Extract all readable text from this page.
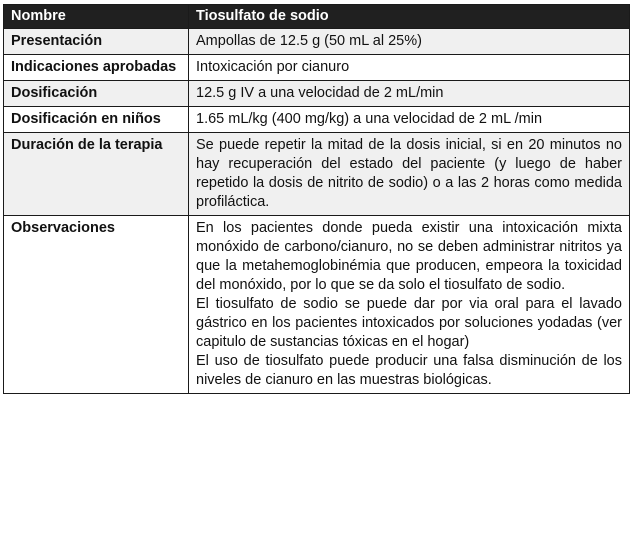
Nombre	Tiosulfato de sodio
Presentación	Ampollas de 12.5 g (50 mL al 25%)
Indicaciones aprobadas	Intoxicación por cianuro
Dosificación	12.5 g IV a una velocidad de 2 mL/min
Dosificación en niños	1.65 mL/kg (400 mg/kg) a una velocidad de 2 mL /min
Duración de la terapia	Se puede repetir la mitad de la dosis inicial, si en 20 minutos no hay recuperación del estado del paciente (y luego de haber repetido la dosis de nitrito de sodio) o a las 2 horas como medida profiláctica.
Observaciones	En los pacientes donde pueda existir una intoxicación mixta monóxido de carbono/cianuro, no se deben administrar nitritos ya que la metahemoglobinémia que producen, empeora la toxicidad del monóxido, por lo que se da solo el tiosulfato de sodio.
El tiosulfato de sodio se puede dar por via oral para el lavado gástrico en los pacientes intoxicados por soluciones yodadas (ver capitulo de sustancias tóxicas en el hogar)
El uso de tiosulfato puede producir una falsa disminución de los niveles de cianuro en las muestras biológicas.
